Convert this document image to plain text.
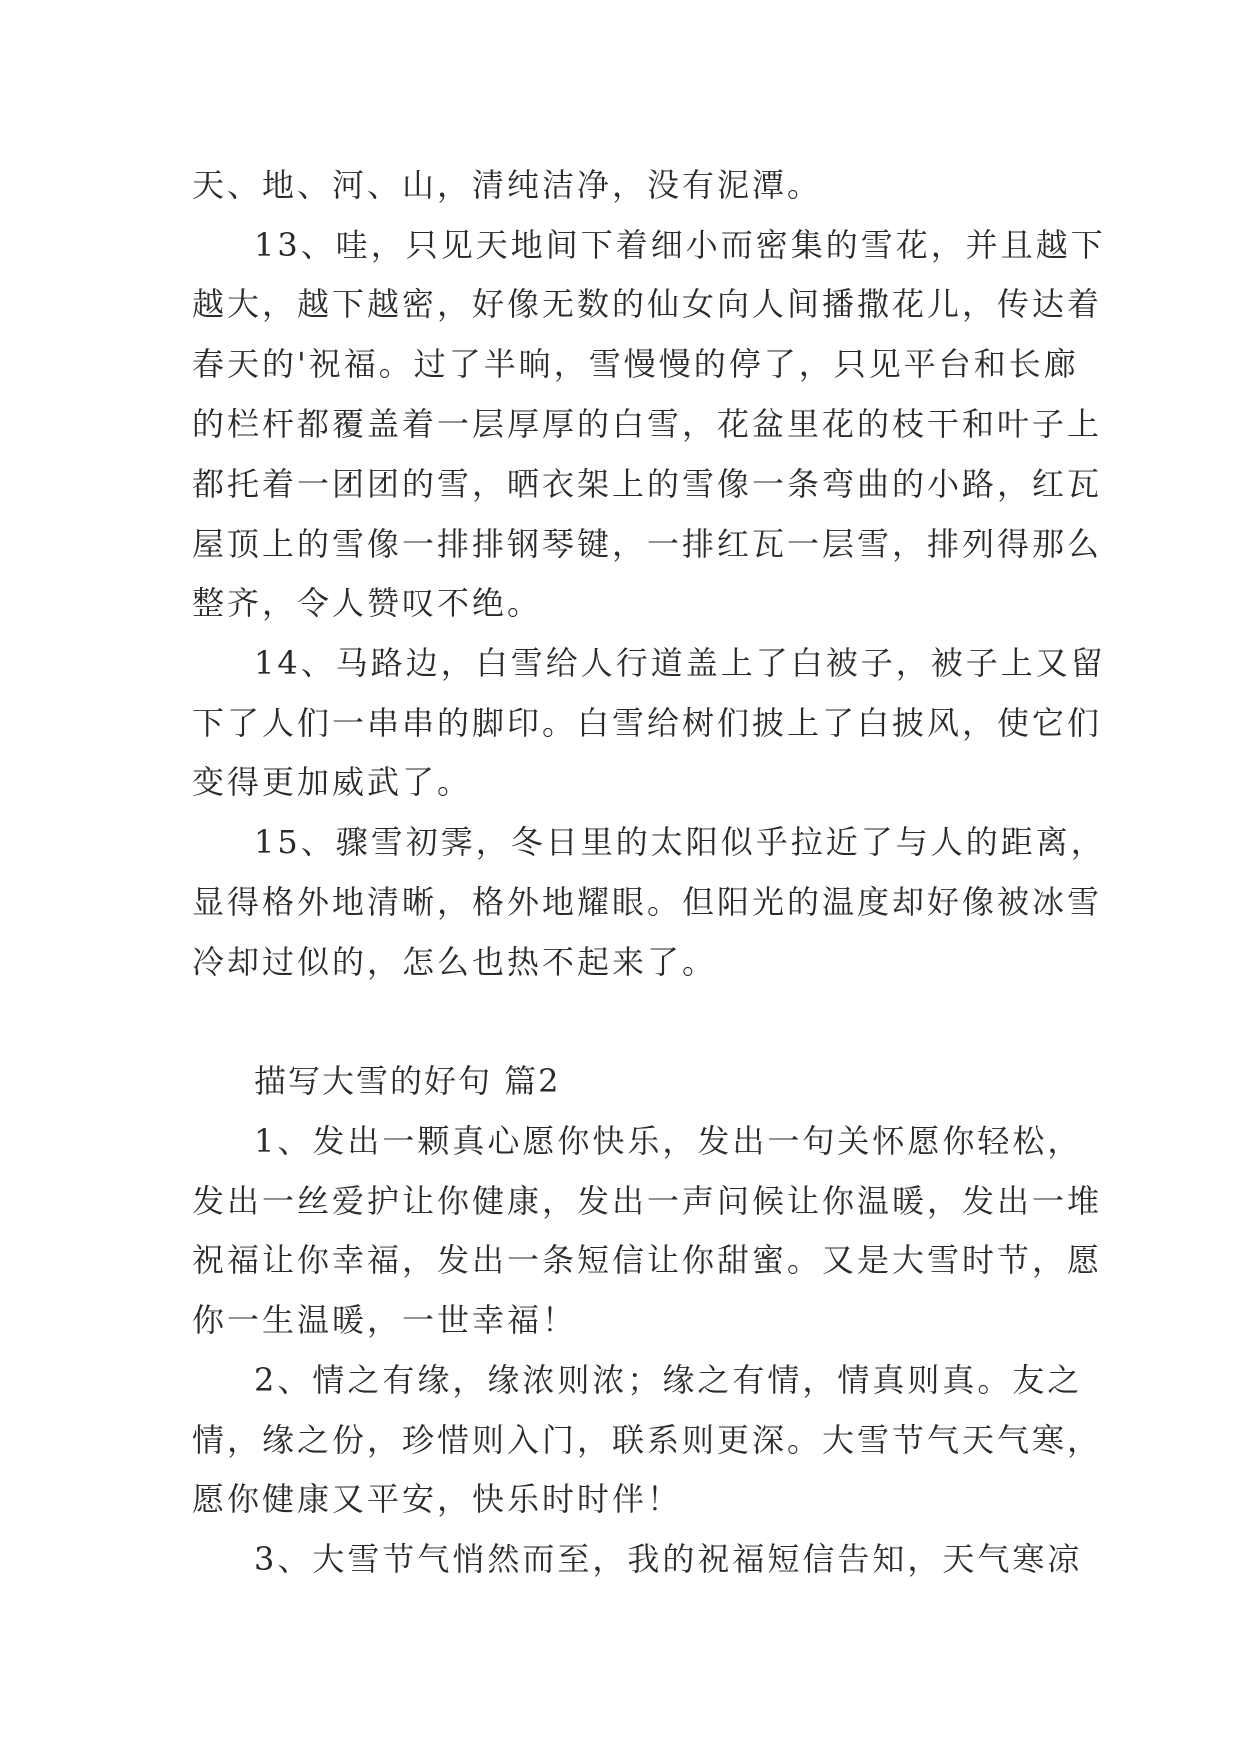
天、地、河、山，清纯洁净，没有泥潭。
13、哇，只见天地间下着细小而密集的雪花，并且越下
越大，越下越密，好像无数的仙女向人间播撒花儿，传达着
春天的'祝福。过了半晌，雪慢慢的停了，只见平台和长廊
的栏杆都覆盖着一层厚厚的白雪，花盆里花的枝干和叶子上
都托着一团团的雪，晒衣架上的雪像一条弯曲的小路，红瓦
屋顶上的雪像一排排钢琴键，一排红瓦一层雪，排列得那么
整齐，令人赞叹不绝。
14、马路边，白雪给人行道盖上了白被子，被子上又留
下了人们一串串的脚印。白雪给树们披上了白披风，使它们
变得更加威武了。
15、骤雪初霁，冬日里的太阳似乎拉近了与人的距离，
显得格外地清晰，格外地耀眼。但阳光的温度却好像被冰雪
冷却过似的，怎么也热不起来了。
描写大雪的好句 篇2
1、发出一颗真心愿你快乐，发出一句关怀愿你轻松，
发出一丝爱护让你健康，发出一声问候让你温暖，发出一堆
祝福让你幸福，发出一条短信让你甜蜜。又是大雪时节，愿
你一生温暖，一世幸福！
2、情之有缘，缘浓则浓；缘之有情，情真则真。友之
情，缘之份，珍惜则入门，联系则更深。大雪节气天气寒，
愿你健康又平安，快乐时时伴！
3、大雪节气悄然而至，我的祝福短信告知，天气寒凉
